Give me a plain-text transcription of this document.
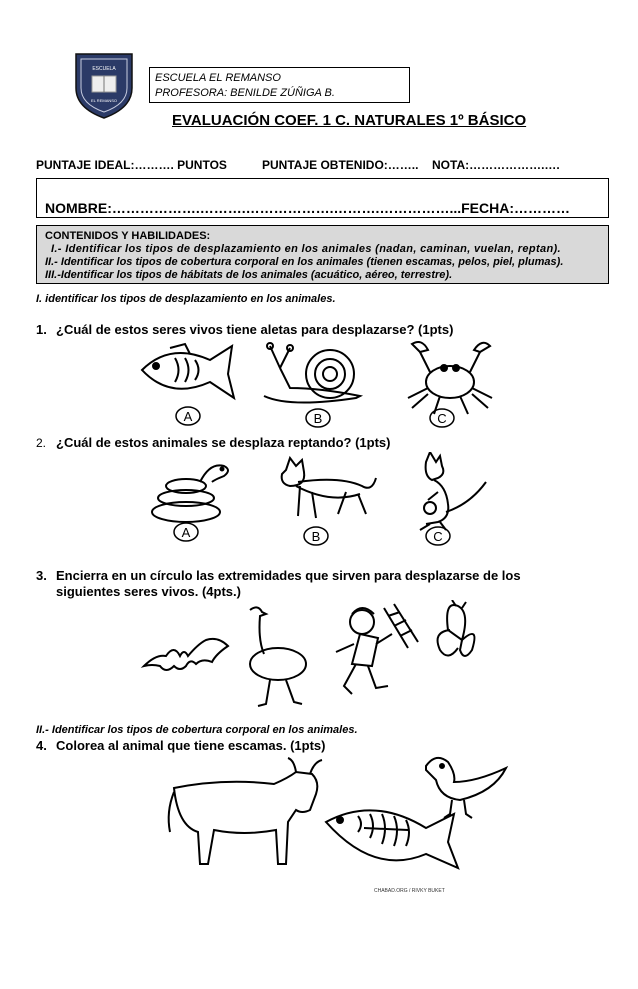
ESCUELA
EL REMANSO
ESCUELA EL REMANSO
PROFESORA: BENILDE ZÚÑIGA B.
EVALUACIÓN COEF. 1 C. NATURALES 1º BÁSICO
PUNTAJE IDEAL:………. PUNTOS	PUNTAJE OBTENIDO:…….. NOTA:……………….….
NOMBRE:……………….……….……………….……….……………...FECHA:…………
CONTENIDOS Y HABILIDADES:
I.- Identificar los tipos de desplazamiento en los animales (nadan, caminan, vuelan, reptan).
II.- Identificar los tipos de cobertura corporal en los animales (tienen escamas, pelos, piel, plumas).
III.-Identificar los tipos de hábitats de los animales (acuático, aéreo, terrestre).
I. identificar los tipos de desplazamiento en los animales.
1. ¿Cuál de estos seres vivos tiene aletas para desplazarse? (1pts)
A	B	C
2. ¿Cuál de estos animales se desplaza reptando? (1pts)
A	B	C
3. Encierra en un círculo las extremidades que sirven para desplazarse de los
siguientes seres vivos. (4pts.)
II.- Identificar los tipos de cobertura corporal en los animales.
4. Colorea al animal que tiene escamas. (1pts)
CHABAD.ORG / RIVKY BUKET
